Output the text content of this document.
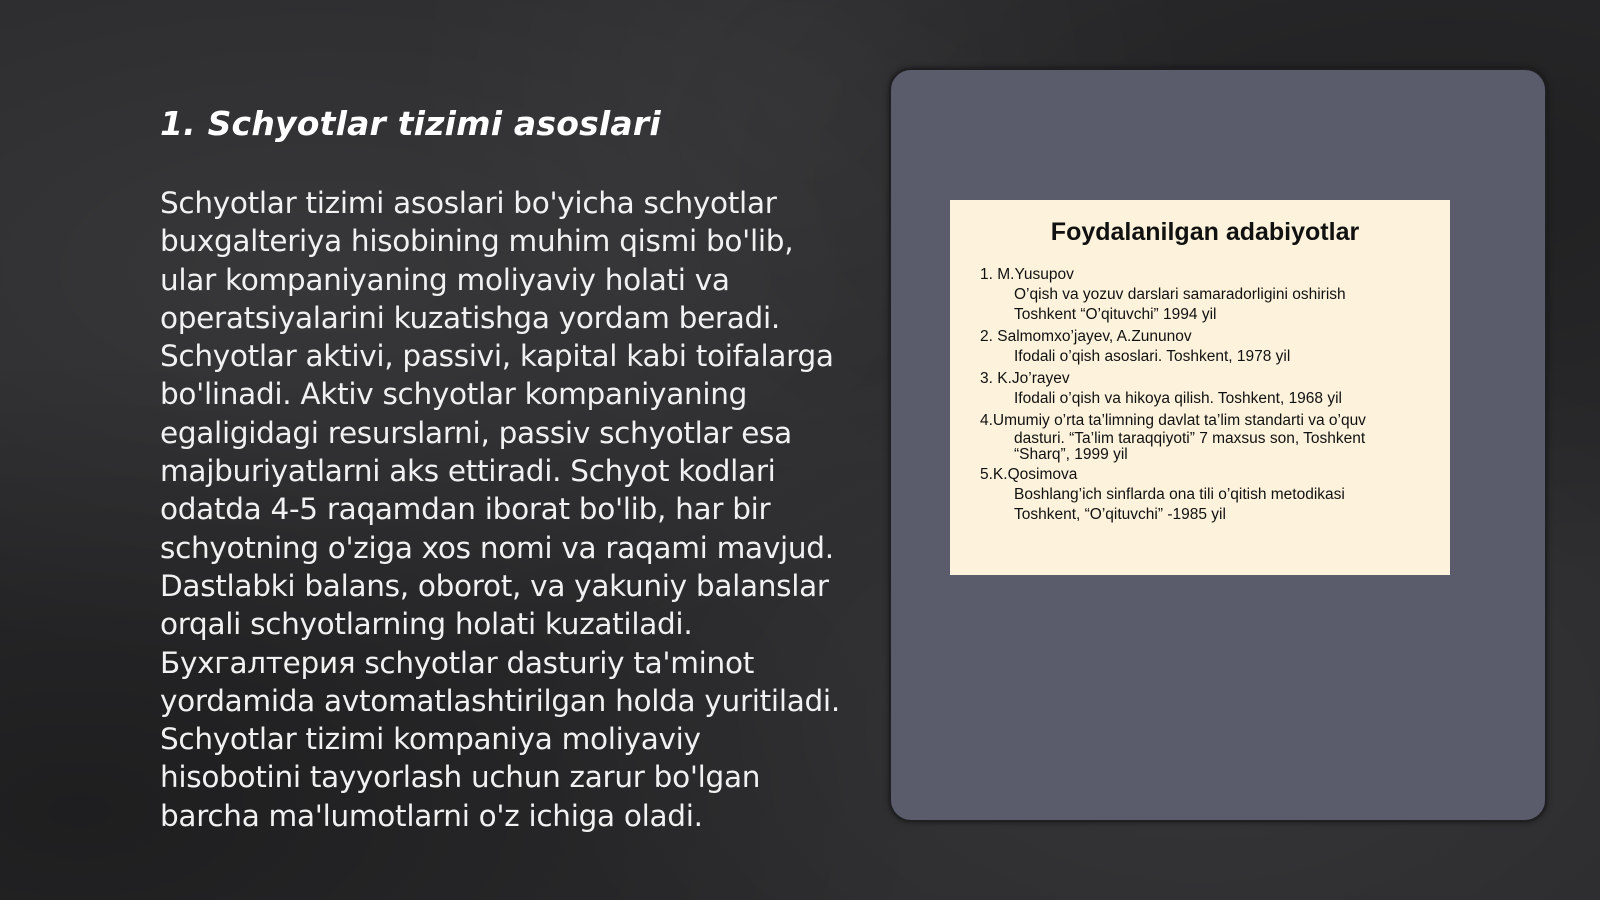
1. Schyotlar tizimi asoslari

Schyotlar tizimi asoslari bo'yicha schyotlar buxgalteriya hisobining muhim qismi bo'lib, ular kompaniyaning moliyaviy holati va operatsiyalarini kuzatishga yordam beradi. Schyotlar aktivi, passivi, kapital kabi toifalarga bo'linadi. Aktiv schyotlar kompaniyaning egaligidagi resurslarni, passiv schyotlar esa majburiyatlarni aks ettiradi. Schyot kodlari odatda 4-5 raqamdan iborat bo'lib, har bir schyotning o'ziga xos nomi va raqami mavjud. Dastlabki balans, oborot, va yakuniy balanslar orqali schyotlarning holati kuzatiladi. Бухгалтерия schyotlar dasturiy ta'minot yordamida avtomatlashtirilgan holda yuritiladi. Schyotlar tizimi kompaniya moliyaviy hisobotini tayyorlash uchun zarur bo'lgan barcha ma'lumotlarni o'z ichiga oladi.

Foydalanilgan adabiyotlar
1. M.Yusupov
O’qish va yozuv darslari samaradorligini oshirish
Toshkent “O’qituvchi” 1994 yil
2. Salmomxo’jayev, A.Zununov
Ifodali o’qish asoslari. Toshkent, 1978 yil
3. K.Jo’rayev
Ifodali o’qish va hikoya qilish. Toshkent, 1968 yil
4.Umumiy o’rta ta’limning davlat ta’lim standarti va o’quv
dasturi. “Ta’lim taraqqiyoti” 7 maxsus son, Toshkent
“Sharq”, 1999 yil
5.K.Qosimova
Boshlang’ich sinflarda ona tili o’qitish metodikasi
Toshkent, “O’qituvchi” -1985 yil
